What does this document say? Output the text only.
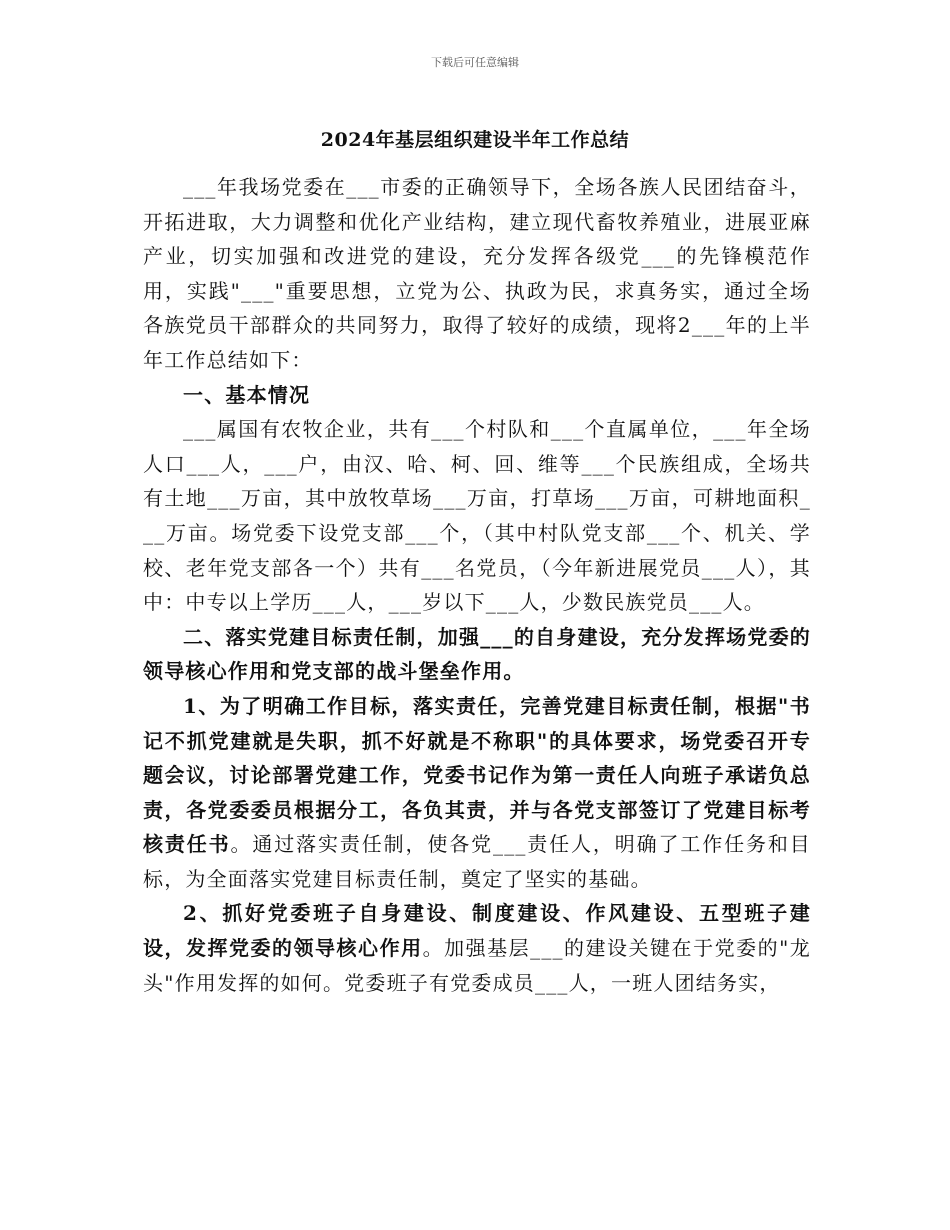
下载后可任意编辑
2024年基层组织建设半年工作总结

___年我场党委在___市委的正确领导下，全场各族人民团结奋斗，开拓进取，大力调整和优化产业结构，建立现代畜牧养殖业，进展亚麻产业，切实加强和改进党的建设，充分发挥各级党___的先锋模范作用，实践"___"重要思想，立党为公、执政为民，求真务实，通过全场各族党员干部群众的共同努力，取得了较好的成绩，现将2___年的上半年工作总结如下：

一、基本情况

___属国有农牧企业，共有___个村队和___个直属单位，___年全场人口___人，___户，由汉、哈、柯、回、维等___个民族组成，全场共有土地___万亩，其中放牧草场___万亩，打草场___万亩，可耕地面积___万亩。场党委下设党支部___个，（其中村队党支部___个、机关、学校、老年党支部各一个）共有___名党员，（今年新进展党员___人），其中：中专以上学历___人，___岁以下___人，少数民族党员___人。

二、落实党建目标责任制，加强___的自身建设，充分发挥场党委的领导核心作用和党支部的战斗堡垒作用。

1、为了明确工作目标，落实责任，完善党建目标责任制，根据"书记不抓党建就是失职，抓不好就是不称职"的具体要求，场党委召开专题会议，讨论部署党建工作，党委书记作为第一责任人向班子承诺负总责，各党委委员根据分工，各负其责，并与各党支部签订了党建目标考核责任书。通过落实责任制，使各党___责任人，明确了工作任务和目标，为全面落实党建目标责任制，奠定了坚实的基础。

2、抓好党委班子自身建设、制度建设、作风建设、五型班子建设，发挥党委的领导核心作用。加强基层___的建设关键在于党委的"龙头"作用发挥的如何。党委班子有党委成员___人，一班人团结务实，
